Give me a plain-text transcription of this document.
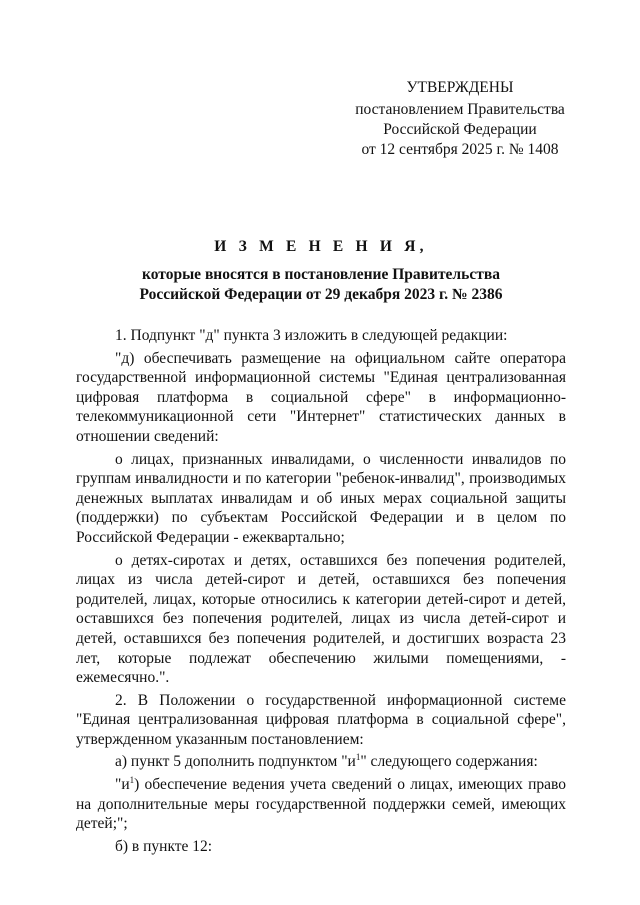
УТВЕРЖДЕНЫ
постановлением Правительства
Российской Федерации
от 12 сентября 2025 г. № 1408
И З М Е Н Е Н И Я,
которые вносятся в постановление Правительства
Российской Федерации от 29 декабря 2023 г. № 2386

1. Подпункт "д" пункта 3 изложить в следующей редакции:

"д) обеспечивать размещение на официальном сайте оператора государственной информационной системы "Единая централизованная цифровая платформа в социальной сфере" в информационно-телекоммуникационной сети "Интернет" статистических данных в отношении сведений:

о лицах, признанных инвалидами, о численности инвалидов по группам инвалидности и по категории "ребенок-инвалид", производимых денежных выплатах инвалидам и об иных мерах социальной защиты (поддержки) по субъектам Российской Федерации и в целом по Российской Федерации - ежеквартально;

о детях-сиротах и детях, оставшихся без попечения родителей, лицах из числа детей-сирот и детей, оставшихся без попечения родителей, лицах, которые относились к категории детей-сирот и детей, оставшихся без попечения родителей, лицах из числа детей-сирот и детей, оставшихся без попечения родителей, и достигших возраста 23 лет, которые подлежат обеспечению жилыми помещениями, - ежемесячно.".

2. В Положении о государственной информационной системе "Единая централизованная цифровая платформа в социальной сфере", утвержденном указанным постановлением:

а) пункт 5 дополнить подпунктом "$и^1$" следующего содержания:

"$и^1$) обеспечение ведения учета сведений о лицах, имеющих право на дополнительные меры государственной поддержки семей, имеющих детей;";

б) в пункте 12:
